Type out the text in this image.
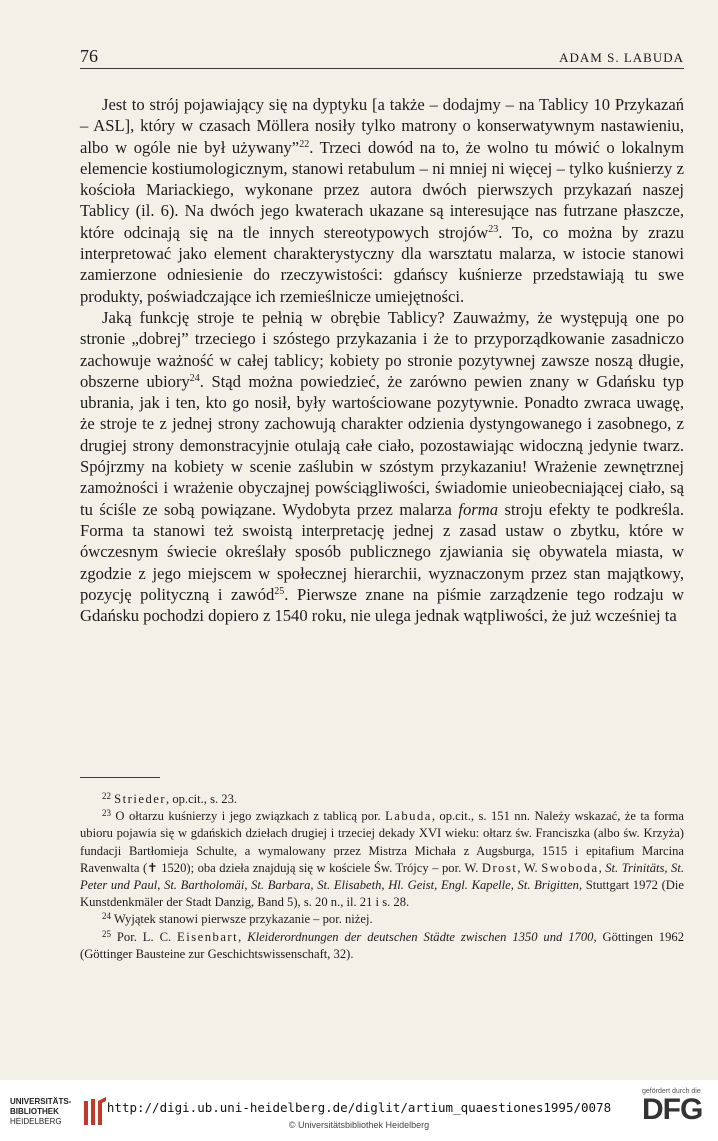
76	ADAM S. LABUDA

Jest to strój pojawiający się na dyptyku [a także – dodajmy – na Tablicy 10 Przykazań – ASL], który w czasach Möllera nosiły tylko matrony o konserwatywnym nastawieniu, albo w ogóle nie był używany”$^{22}$. Trzeci dowód na to, że wolno tu mówić o lokalnym elemencie kostiumologicznym, stanowi retabulum – ni mniej ni więcej – tylko kuśnierzy z kościoła Mariackiego, wykonane przez autora dwóch pierwszych przykazań naszej Tablicy (il. 6). Na dwóch jego kwaterach ukazane są interesujące nas futrzane płaszcze, które odcinają się na tle innych stereotypowych strojów$^{23}$. To, co można by zrazu interpretować jako element charakterystyczny dla warsztatu malarza, w istocie stanowi zamierzone odniesienie do rzeczywistości: gdańscy kuśnierze przedstawiają tu swe produkty, poświadczające ich rzemieślnicze umiejętności.

Jaką funkcję stroje te pełnią w obrębie Tablicy? Zauważmy, że występują one po stronie „dobrej” trzeciego i szóstego przykazania i że to przyporządkowanie zasadniczo zachowuje ważność w całej tablicy; kobiety po stronie pozytywnej zawsze noszą długie, obszerne ubiory$^{24}$. Stąd można powiedzieć, że zarówno pewien znany w Gdańsku typ ubrania, jak i ten, kto go nosił, były wartościowane pozytywnie. Ponadto zwraca uwagę, że stroje te z jednej strony zachowują charakter odzienia dystyngowanego i zasobnego, z drugiej strony demonstracyjnie otulają całe ciało, pozostawiając widoczną jedynie twarz. Spójrzmy na kobiety w scenie zaślubin w szóstym przykazaniu! Wrażenie zewnętrznej zamożności i wrażenie obyczajnej powściągliwości, świadomie unieobecniającej ciało, są tu ściśle ze sobą powiązane. Wydobyta przez malarza forma stroju efekty te podkreśla. Forma ta stanowi też swoistą interpretację jednej z zasad ustaw o zbytku, które w ówczesnym świecie określały sposób publicznego zjawiania się obywatela miasta, w zgodzie z jego miejscem w społecznej hierarchii, wyznaczonym przez stan majątkowy, pozycję polityczną i zawód$^{25}$. Pierwsze znane na piśmie zarządzenie tego rodzaju w Gdańsku pochodzi dopiero z 1540 roku, nie ulega jednak wątpliwości, że już wcześniej ta

$^{22}$ Strieder, op.cit., s. 23.

$^{23}$ O ołtarzu kuśnierzy i jego związkach z tablicą por. Labuda, op.cit., s. 151 nn. Należy wskazać, że ta forma ubioru pojawia się w gdańskich dziełach drugiej i trzeciej dekady XVI wieku: ołtarz św. Franciszka (albo św. Krzyża) fundacji Bartłomieja Schulte, a wymalowany przez Mistrza Michała z Augsburga, 1515 i epitafium Marcina Ravenwalta (✝ 1520); oba dzieła znajdują się w kościele Św. Trójcy – por. W. Drost, W. Swoboda, St. Trinitäts, St. Peter und Paul, St. Bartholomäi, St. Barbara, St. Elisabeth, Hl. Geist, Engl. Kapelle, St. Brigitten, Stuttgart 1972 (Die Kunstdenkmäler der Stadt Danzig, Band 5), s. 20 n., il. 21 i s. 28.

$^{24}$ Wyjątek stanowi pierwsze przykazanie – por. niżej.

$^{25}$ Por. L. C. Eisenbart, Kleiderordnungen der deutschen Städte zwischen 1350 und 1700, Göttingen 1962 (Göttinger Bausteine zur Geschichtswissenschaft, 32).

UNIVERSITÄTS-
BIBLIOTHEK
HEIDELBERG
http://digi.ub.uni-heidelberg.de/diglit/artium_quaestiones1995/0078
© Universitätsbibliothek Heidelberg
gefördert durch die
DFG
